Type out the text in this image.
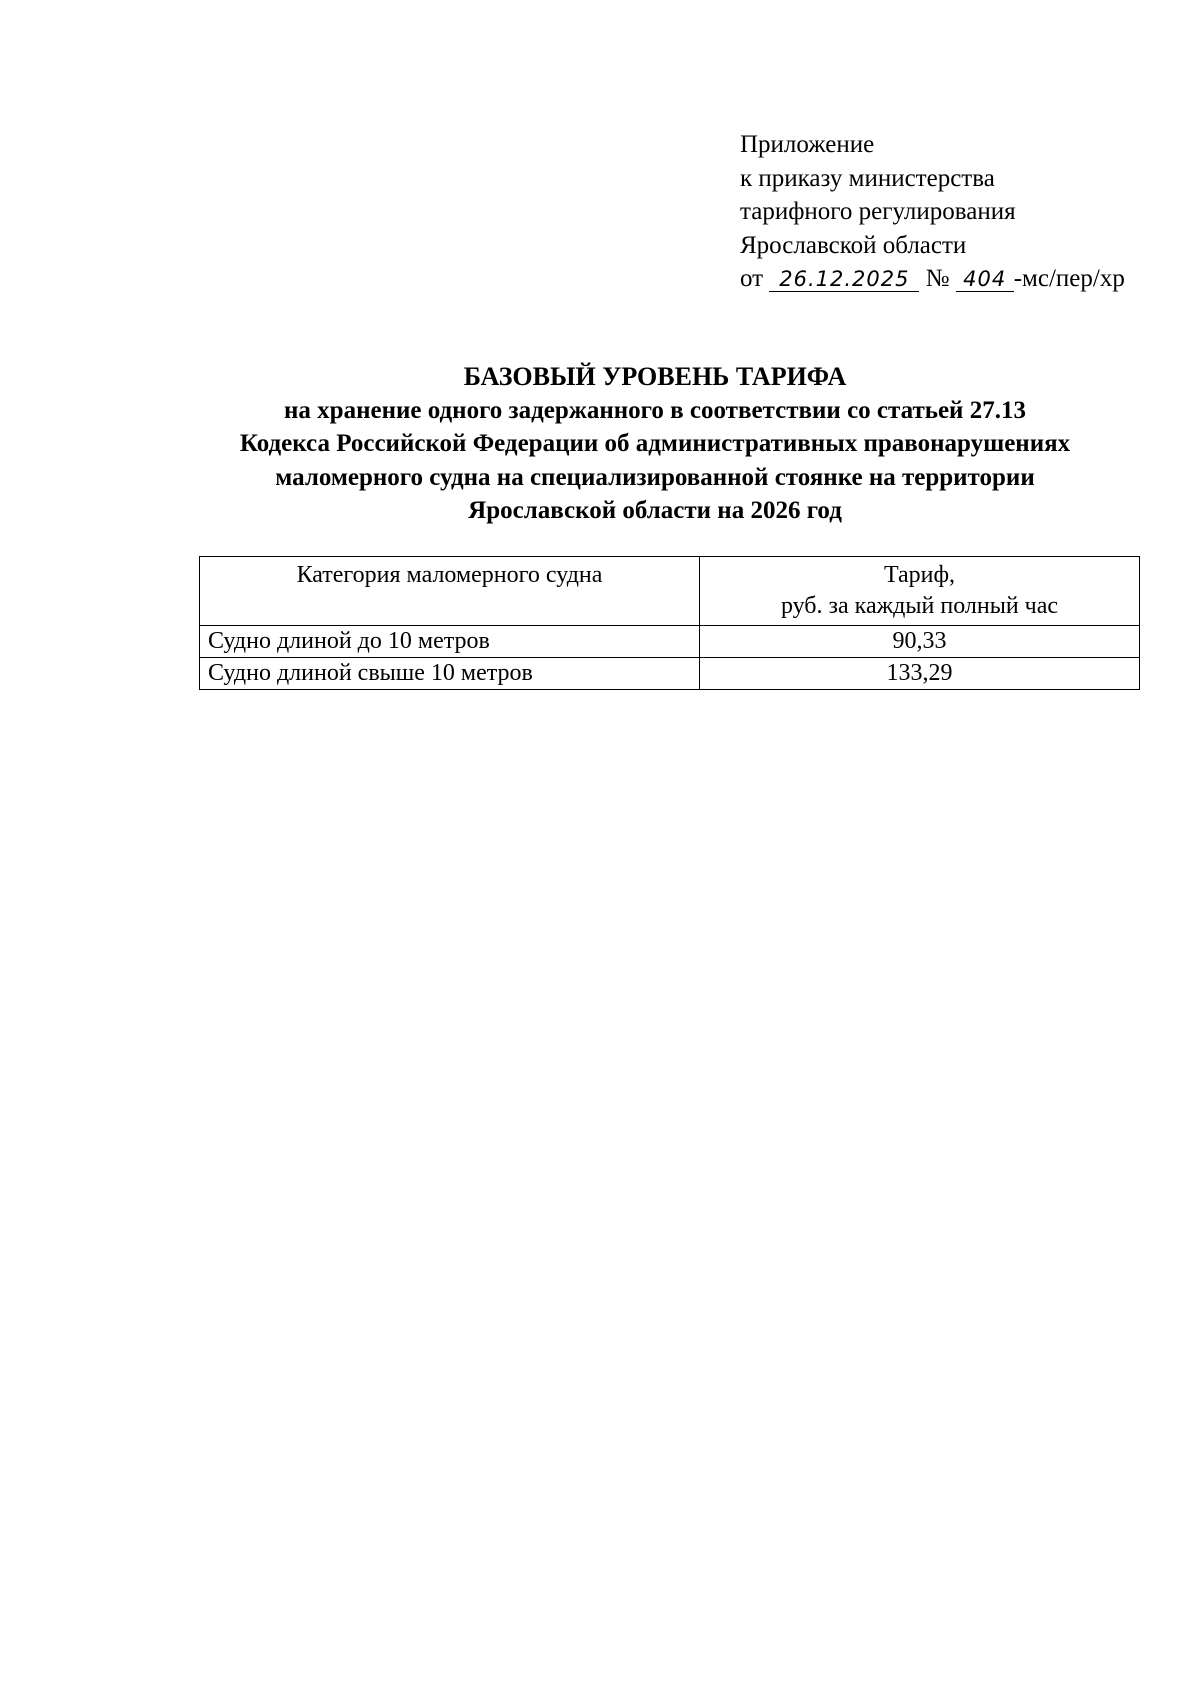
Приложение
к приказу министерства
тарифного регулирования
Ярославской области
от 26.12.2025 № 404 -мс/пер/хр
БАЗОВЫЙ УРОВЕНЬ ТАРИФА
на хранение одного задержанного в соответствии со статьей 27.13
Кодекса Российской Федерации об административных правонарушениях
маломерного судна на специализированной стоянке на территории
Ярославской области на 2026 год
Категория маломерного судна	Тариф,
руб. за каждый полный час

Судно длиной до 10 метров	90,33
Судно длиной свыше 10 метров	133,29
